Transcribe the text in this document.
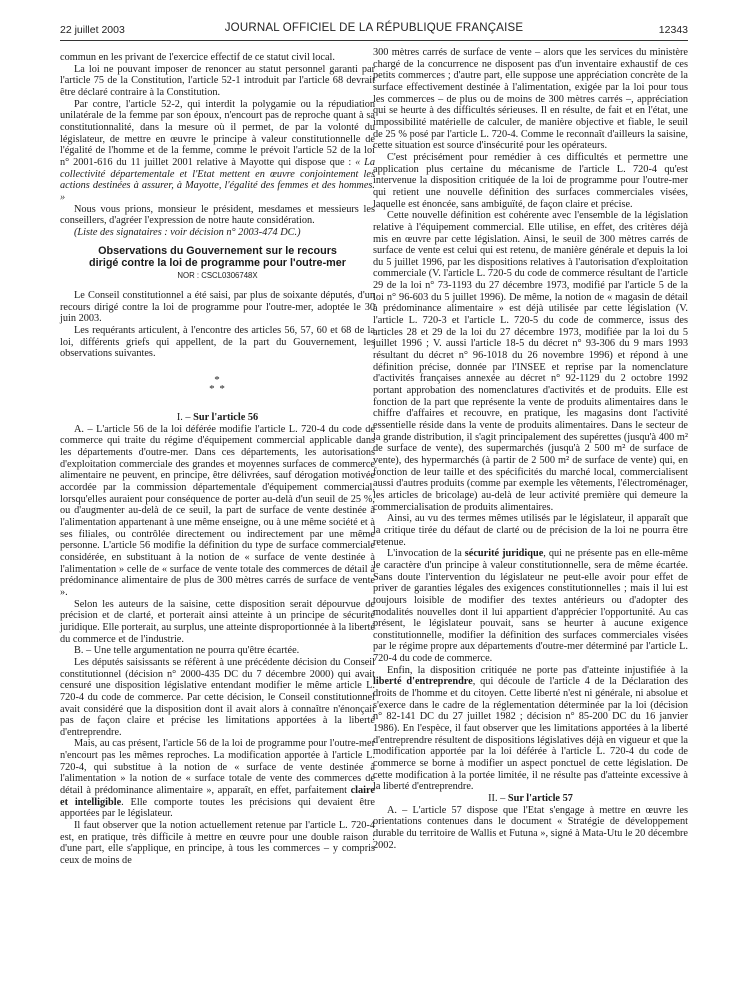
22 juillet 2003	JOURNAL OFFICIEL DE LA RÉPUBLIQUE FRANÇAISE	12343

commun en les privant de l'exercice effectif de ce statut civil local.

La loi ne pouvant imposer de renoncer au statut personnel garanti par l'article 75 de la Constitution, l'article 52-1 introduit par l'article 68 devrait être déclaré contraire à la Constitution.

Par contre, l'article 52-2, qui interdit la polygamie ou la répudiation unilatérale de la femme par son époux, n'encourt pas de reproche quant à sa constitutionnalité, dans la mesure où il permet, de par la volonté du législateur, de mettre en œuvre le principe à valeur constitutionnelle de l'égalité de l'homme et de la femme, comme le prévoit l'article 52 de la loi n° 2001-616 du 11 juillet 2001 relative à Mayotte qui dispose que : « La collectivité départementale et l'Etat mettent en œuvre conjointement les actions destinées à assurer, à Mayotte, l'égalité des femmes et des hommes. »

Nous vous prions, monsieur le président, mesdames et messieurs les conseillers, d'agréer l'expression de notre haute considération.

(Liste des signataires : voir décision n° 2003-474 DC.)

Observations du Gouvernement sur le recours
dirigé contre la loi de programme pour l'outre-mer
NOR : CSCL0306748X

Le Conseil constitutionnel a été saisi, par plus de soixante députés, d'un recours dirigé contre la loi de programme pour l'outre-mer, adoptée le 30 juin 2003.

Les requérants articulent, à l'encontre des articles 56, 57, 60 et 68 de la loi, différents griefs qui appellent, de la part du Gouvernement, les observations suivantes.

*
* *

I. – Sur l'article 56

A. – L'article 56 de la loi déférée modifie l'article L. 720-4 du code de commerce qui traite du régime d'équipement commercial applicable dans les départements d'outre-mer. Dans ces départements, les autorisations d'exploitation commerciale des grandes et moyennes surfaces de commerce alimentaire ne peuvent, en principe, être délivrées, sauf dérogation motivée accordée par la commission départementale d'équipement commercial, lorsqu'elles auraient pour conséquence de porter au-delà d'un seuil de 25 %, ou d'augmenter au-delà de ce seuil, la part de surface de vente destinée à l'alimentation appartenant à une même enseigne, ou à une même société et à ses filiales, ou contrôlée directement ou indirectement par une même personne. L'article 56 modifie la définition du type de surface commerciale considérée, en substituant à la notion de « surface de vente destinée à l'alimentation » celle de « surface de vente totale des commerces de détail à prédominance alimentaire de plus de 300 mètres carrés de surface de vente ».

Selon les auteurs de la saisine, cette disposition serait dépourvue de précision et de clarté, et porterait ainsi atteinte à un principe de sécurité juridique. Elle porterait, au surplus, une atteinte disproportionnée à la liberté du commerce et de l'industrie.

B. – Une telle argumentation ne pourra qu'être écartée.

Les députés saisissants se réfèrent à une précédente décision du Conseil constitutionnel (décision n° 2000-435 DC du 7 décembre 2000) qui avait censuré une disposition législative entendant modifier le même article L. 720-4 du code de commerce. Par cette décision, le Conseil constitutionnel avait considéré que la disposition dont il avait alors à connaître n'énonçait pas de façon claire et précise les limitations apportées à la liberté d'entreprendre.

Mais, au cas présent, l'article 56 de la loi de programme pour l'outre-mer n'encourt pas les mêmes reproches. La modification apportée à l'article L. 720-4, qui substitue à la notion de « surface de vente destinée à l'alimentation » la notion de « surface totale de vente des commerces de détail à prédominance alimentaire », apparaît, en effet, parfaitement claire et intelligible. Elle comporte toutes les précisions qui devaient être apportées par le législateur.

Il faut observer que la notion actuellement retenue par l'article L. 720-4 est, en pratique, très difficile à mettre en œuvre pour une double raison : d'une part, elle s'applique, en principe, à tous les commerces – y compris ceux de moins de

300 mètres carrés de surface de vente – alors que les services du ministère chargé de la concurrence ne disposent pas d'un inventaire exhaustif de ces petits commerces ; d'autre part, elle suppose une appréciation concrète de la surface effectivement destinée à l'alimentation, exigée par la loi pour tous les commerces – de plus ou de moins de 300 mètres carrés –, appréciation qui se heurte à des difficultés sérieuses. Il en résulte, de fait et en l'état, une impossibilité matérielle de calculer, de manière objective et fiable, le seuil de 25 % posé par l'article L. 720-4. Comme le reconnaît d'ailleurs la saisine, cette situation est source d'insécurité pour les opérateurs.

C'est précisément pour remédier à ces difficultés et permettre une application plus certaine du mécanisme de l'article L. 720-4 qu'est intervenue la disposition critiquée de la loi de programme pour l'outre-mer qui retient une nouvelle définition des surfaces commerciales visées, laquelle est énoncée, sans ambiguïté, de façon claire et précise.

Cette nouvelle définition est cohérente avec l'ensemble de la législation relative à l'équipement commercial. Elle utilise, en effet, des critères déjà mis en œuvre par cette législation. Ainsi, le seuil de 300 mètres carrés de surface de vente est celui qui est retenu, de manière générale et depuis la loi du 5 juillet 1996, par les dispositions relatives à l'autorisation d'exploitation commerciale (V. l'article L. 720-5 du code de commerce résultant de l'article 29 de la loi n° 73-1193 du 27 décembre 1973, modifié par l'article 5 de la loi n° 96-603 du 5 juillet 1996). De même, la notion de « magasin de détail à prédominance alimentaire » est déjà utilisée par cette législation (V. l'article L. 720-3 et l'article L. 720-5 du code de commerce, issus des articles 28 et 29 de la loi du 27 décembre 1973, modifiée par la loi du 5 juillet 1996 ; V. aussi l'article 18-5 du décret n° 93-306 du 9 mars 1993 résultant du décret n° 96-1018 du 26 novembre 1996) et répond à une définition précise, donnée par l'INSEE et reprise par la nomenclature d'activités françaises annexée au décret n° 92-1129 du 2 octobre 1992 portant approbation des nomenclatures d'activités et de produits. Elle est fonction de la part que représente la vente de produits alimentaires dans le chiffre d'affaires et recouvre, en pratique, les magasins dont l'activité essentielle réside dans la vente de produits alimentaires. Dans le secteur de la grande distribution, il s'agit principalement des supérettes (jusqu'à 400 m² de surface de vente), des supermarchés (jusqu'à 2 500 m² de surface de vente), des hypermarchés (à partir de 2 500 m² de surface de vente) qui, en fonction de leur taille et des spécificités du marché local, commercialisent aussi d'autres produits (comme par exemple les vêtements, l'électroménager, les articles de bricolage) au-delà de leur activité première qui demeure la commercialisation de produits alimentaires.

Ainsi, au vu des termes mêmes utilisés par le législateur, il apparaît que la critique tirée du défaut de clarté ou de précision de la loi ne pourra être retenue.

L'invocation de la sécurité juridique, qui ne présente pas en elle-même le caractère d'un principe à valeur constitutionnelle, sera de même écartée. Sans doute l'intervention du législateur ne peut-elle avoir pour effet de priver de garanties légales des exigences constitutionnelles ; mais il lui est toujours loisible de modifier des textes antérieurs ou d'adopter des modalités nouvelles dont il lui appartient d'apprécier l'opportunité. Au cas présent, le législateur pouvait, sans se heurter à aucune exigence constitutionnelle, modifier la définition des surfaces commerciales visées par le régime propre aux départements d'outre-mer déterminé par l'article L. 720-4 du code de commerce.

Enfin, la disposition critiquée ne porte pas d'atteinte injustifiée à la liberté d'entreprendre, qui découle de l'article 4 de la Déclaration des droits de l'homme et du citoyen. Cette liberté n'est ni générale, ni absolue et s'exerce dans le cadre de la réglementation déterminée par la loi (décision n° 82-141 DC du 27 juillet 1982 ; décision n° 85-200 DC du 16 janvier 1986). En l'espèce, il faut observer que les limitations apportées à la liberté d'entreprendre résultent de dispositions législatives déjà en vigueur et que la modification apportée par la loi déférée à l'article L. 720-4 du code de commerce se borne à modifier un aspect ponctuel de cette législation. De cette modification à la portée limitée, il ne résulte pas d'atteinte excessive à la liberté d'entreprendre.

II. – Sur l'article 57

A. – L'article 57 dispose que l'Etat s'engage à mettre en œuvre les orientations contenues dans le document « Stratégie de développement durable du territoire de Wallis et Futuna », signé à Mata-Utu le 20 décembre 2002.
